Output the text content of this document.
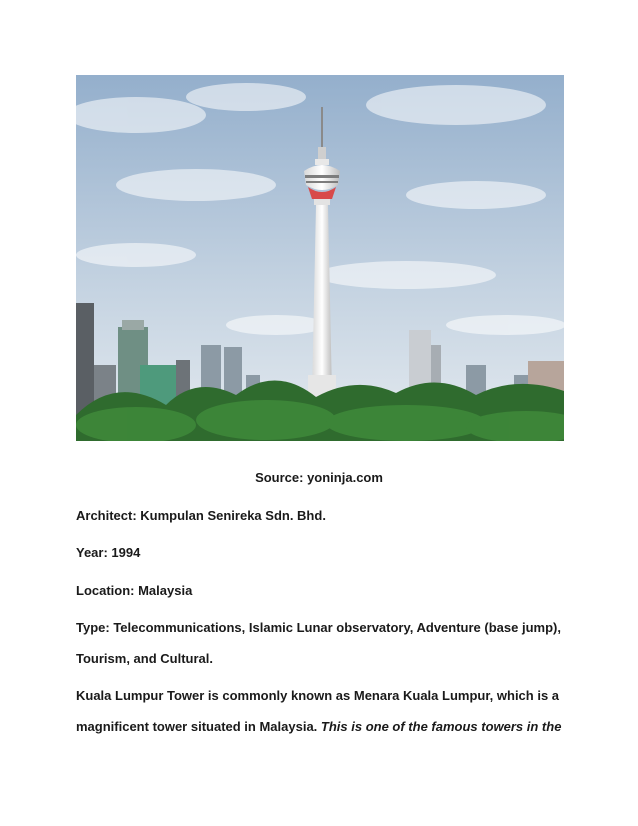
Source: yoninja.com
Architect: Kumpulan Senireka Sdn. Bhd.
Year: 1994
Location: Malaysia
Type: Telecommunications, Islamic Lunar observatory, Adventure (base jump),
Tourism, and Cultural.
Kuala Lumpur Tower is commonly known as Menara Kuala Lumpur, which is a
magnificent tower situated in Malaysia. This is one of the famous towers in the
